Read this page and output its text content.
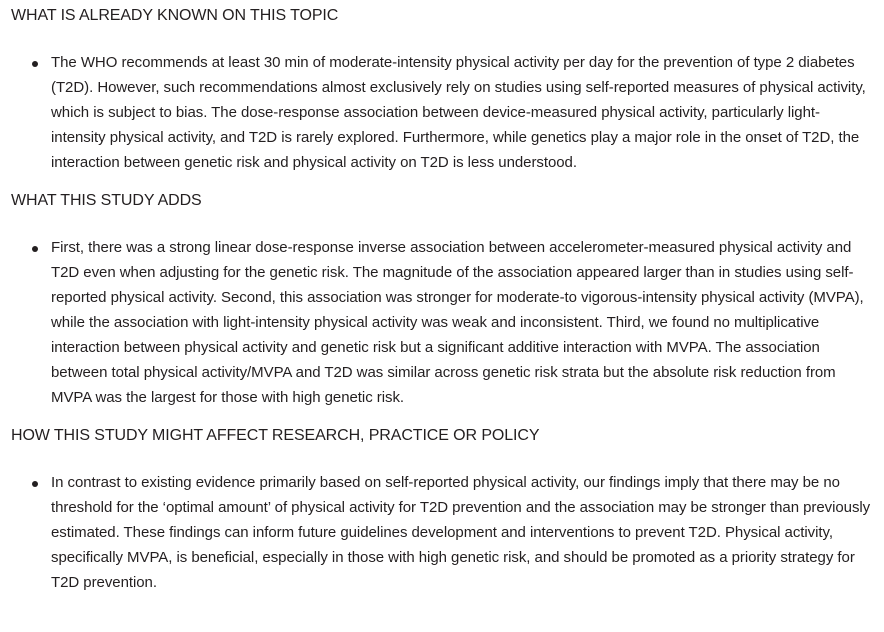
WHAT IS ALREADY KNOWN ON THIS TOPIC
The WHO recommends at least 30 min of moderate-intensity physical activity per day for the prevention of type 2 diabetes (T2D). However, such recommendations almost exclusively rely on studies using self-reported measures of physical activity, which is subject to bias. The dose-response association between device-measured physical activity, particularly light-intensity physical activity, and T2D is rarely explored. Furthermore, while genetics play a major role in the onset of T2D, the interaction between genetic risk and physical activity on T2D is less understood.
WHAT THIS STUDY ADDS
First, there was a strong linear dose-response inverse association between accelerometer-measured physical activity and T2D even when adjusting for the genetic risk. The magnitude of the association appeared larger than in studies using self-reported physical activity. Second, this association was stronger for moderate-to vigorous-intensity physical activity (MVPA), while the association with light-intensity physical activity was weak and inconsistent. Third, we found no multiplicative interaction between physical activity and genetic risk but a significant additive interaction with MVPA. The association between total physical activity/MVPA and T2D was similar across genetic risk strata but the absolute risk reduction from MVPA was the largest for those with high genetic risk.
HOW THIS STUDY MIGHT AFFECT RESEARCH, PRACTICE OR POLICY
In contrast to existing evidence primarily based on self-reported physical activity, our findings imply that there may be no threshold for the ‘optimal amount’ of physical activity for T2D prevention and the association may be stronger than previously estimated. These findings can inform future guidelines development and interventions to prevent T2D. Physical activity, specifically MVPA, is beneficial, especially in those with high genetic risk, and should be promoted as a priority strategy for T2D prevention.
